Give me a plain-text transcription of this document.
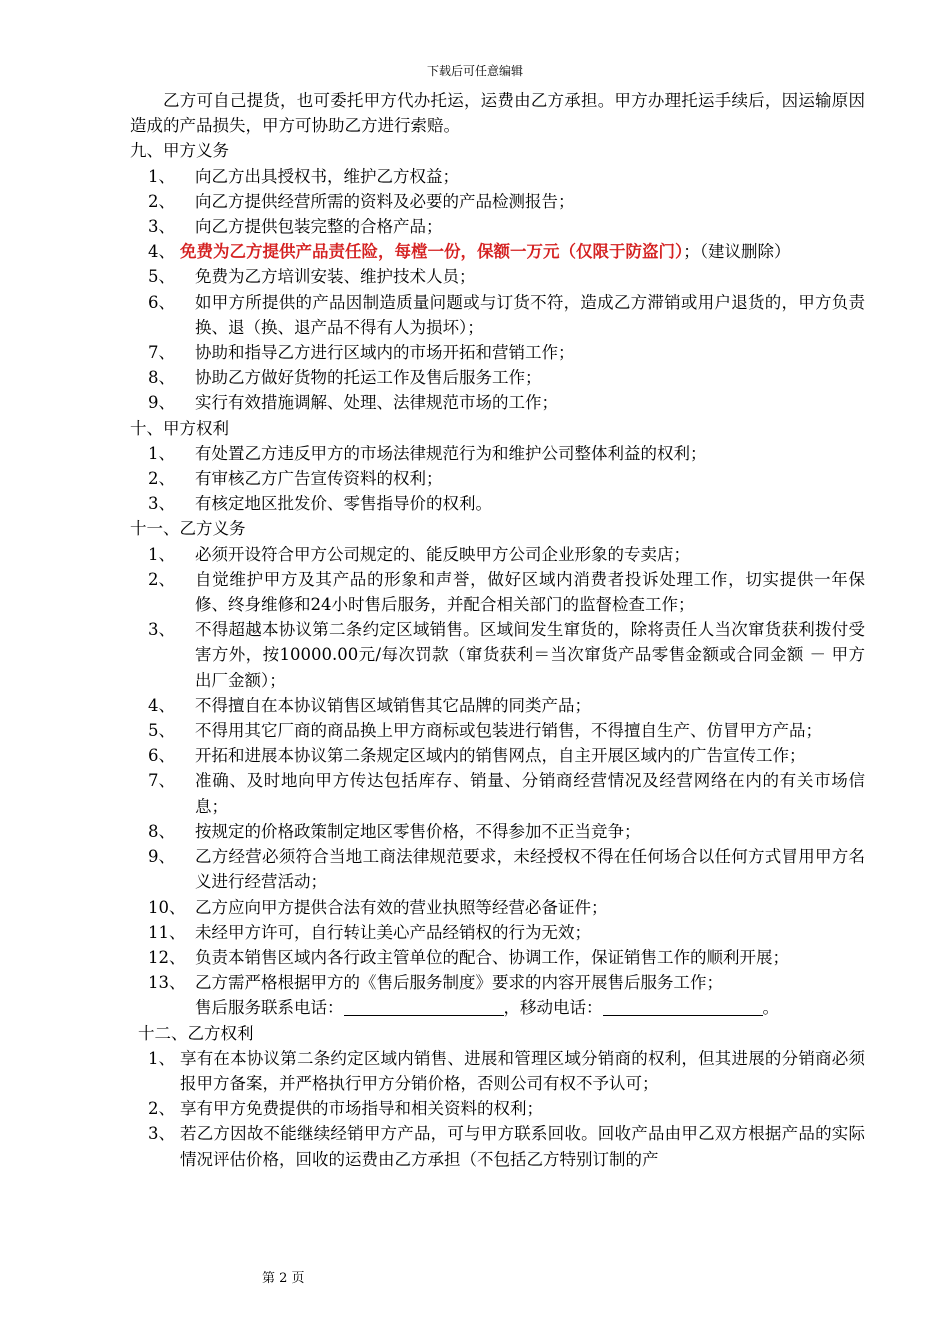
下载后可任意编辑
乙方可自己提货，也可委托甲方代办托运，运费由乙方承担。甲方办理托运手续后，因运输原因造成的产品损失，甲方可协助乙方进行索赔。
九、甲方义务
1、	向乙方出具授权书，维护乙方权益；
2、	向乙方提供经营所需的资料及必要的产品检测报告；
3、	向乙方提供包装完整的合格产品；
4、 免费为乙方提供产品责任险，每樘一份，保额一万元（仅限于防盗门）；（建议删除）
5、	免费为乙方培训安装、维护技术人员；
6、	如甲方所提供的产品因制造质量问题或与订货不符，造成乙方滞销或用户退货的，甲方负责换、退（换、退产品不得有人为损坏）；
7、	协助和指导乙方进行区域内的市场开拓和营销工作；
8、	协助乙方做好货物的托运工作及售后服务工作；
9、	实行有效措施调解、处理、法律规范市场的工作；
十、甲方权利
1、	有处置乙方违反甲方的市场法律规范行为和维护公司整体利益的权利；
2、	有审核乙方广告宣传资料的权利；
3、	有核定地区批发价、零售指导价的权利。
十一、乙方义务
1、	必须开设符合甲方公司规定的、能反映甲方公司企业形象的专卖店；
2、	自觉维护甲方及其产品的形象和声誉，做好区域内消费者投诉处理工作，切实提供一年保修、终身维修和24小时售后服务，并配合相关部门的监督检查工作；
3、	不得超越本协议第二条约定区域销售。区域间发生窜货的，除将责任人当次窜货获利拨付受害方外，按10000.00元/每次罚款（窜货获利＝当次窜货产品零售金额或合同金额 － 甲方出厂金额）；
4、	不得擅自在本协议销售区域销售其它品牌的同类产品；
5、	不得用其它厂商的商品换上甲方商标或包装进行销售，不得擅自生产、仿冒甲方产品；
6、	开拓和进展本协议第二条规定区域内的销售网点，自主开展区域内的广告宣传工作；
7、	准确、及时地向甲方传达包括库存、销量、分销商经营情况及经营网络在内的有关市场信息；
8、	按规定的价格政策制定地区零售价格，不得参加不正当竞争；
9、	乙方经营必须符合当地工商法律规范要求，未经授权不得在任何场合以任何方式冒用甲方名义进行经营活动；
10、 乙方应向甲方提供合法有效的营业执照等经营必备证件；
11、 未经甲方许可，自行转让美心产品经销权的行为无效；
12、 负责本销售区域内各行政主管单位的配合、协调工作，保证销售工作的顺利开展；
13、 乙方需严格根据甲方的《售后服务制度》要求的内容开展售后服务工作；
售后服务联系电话：	，移动电话：	。
十二、乙方权利
1、 享有在本协议第二条约定区域内销售、进展和管理区域分销商的权利，但其进展的分销商必须报甲方备案，并严格执行甲方分销价格，否则公司有权不予认可；
2、 享有甲方免费提供的市场指导和相关资料的权利；
3、 若乙方因故不能继续经销甲方产品，可与甲方联系回收。回收产品由甲乙双方根据产品的实际情况评估价格，回收的运费由乙方承担（不包括乙方特别订制的产
第 2 页
